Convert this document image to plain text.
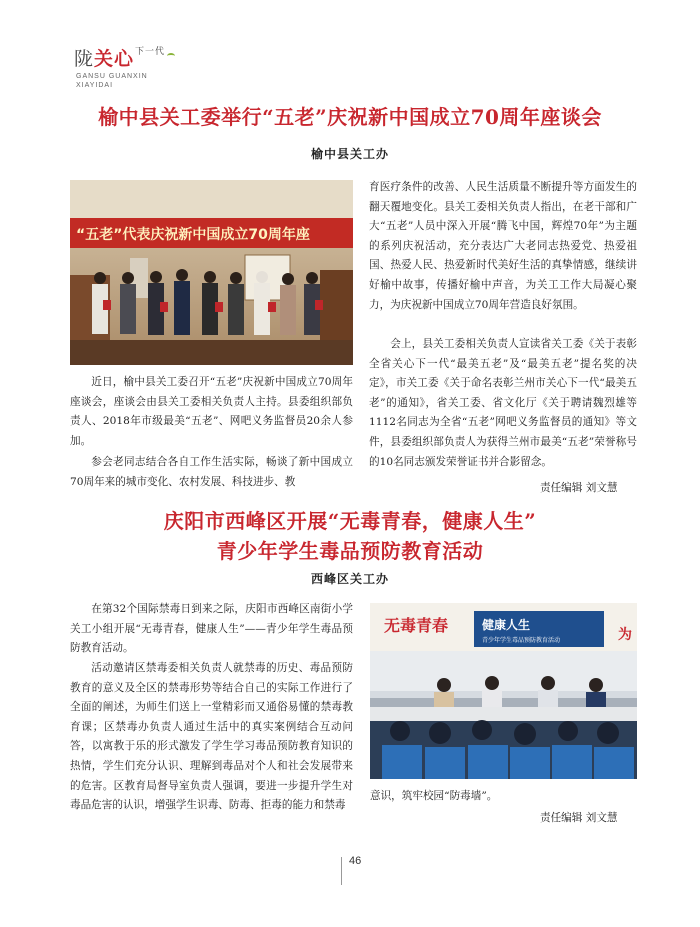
陇关心$^{下一代}$
GANSU GUANXIN
XIAYIDAI
榆中县关工委举行“五老”庆祝新中国成立70周年座谈会
榆中县关工办
“五老”代表庆祝新中国成立70周年座
近日，榆中县关工委召开“五老”庆祝新中国成立70周年座谈会，座谈会由县关工委相关负责人主持。县委组织部负责人、2018年市级最美“五老”、网吧义务监督员20余人参加。
参会老同志结合各自工作生活实际，畅谈了新中国成立70周年来的城市变化、农村发展、科技进步、教
育医疗条件的改善、人民生活质量不断提升等方面发生的翻天覆地变化。县关工委相关负责人指出，在老干部和广大“五老”人员中深入开展“腾飞中国，辉煌70年”为主题的系列庆祝活动，充分表达广大老同志热爱党、热爱祖国、热爱人民、热爱新时代美好生活的真挚情感，继续讲好榆中故事，传播好榆中声音，为关工工作大局凝心聚力，为庆祝新中国成立70周年营造良好氛围。
会上，县关工委相关负责人宣读省关工委《关于表彰全省关心下一代“最美五老”及“最美五老”提名奖的决定》，市关工委《关于命名表彰兰州市关心下一代“最美五老”的通知》，省关工委、省文化厅《关于聘请魏烈雄等1112名同志为全省“五老”网吧义务监督员的通知》等文件，县委组织部负责人为获得兰州市最美“五老”荣誉称号的10名同志颁发荣誉证书并合影留念。
责任编辑 刘文慧
庆阳市西峰区开展“无毒青春，健康人生”
青少年学生毒品预防教育活动
西峰区关工办
在第32个国际禁毒日到来之际，庆阳市西峰区南街小学关工小组开展“无毒青春，健康人生”——青少年学生毒品预防教育活动。
活动邀请区禁毒委相关负责人就禁毒的历史、毒品预防教育的意义及全区的禁毒形势等结合自己的实际工作进行了全面的阐述，为师生们送上一堂精彩而又通俗易懂的禁毒教育课；区禁毒办负责人通过生活中的真实案例结合互动问答，以寓教于乐的形式激发了学生学习毒品预防教育知识的热情，学生们充分认识、理解到毒品对个人和社会发展带来的危害。区教育局督导室负责人强调，要进一步提升学生对毒品危害的认识，增强学生识毒、防毒、拒毒的能力和禁毒
无毒青春	健康人生
青少年学生毒品预防教育活动	为
意识，筑牢校园“防毒墙”。
责任编辑 刘文慧
46
